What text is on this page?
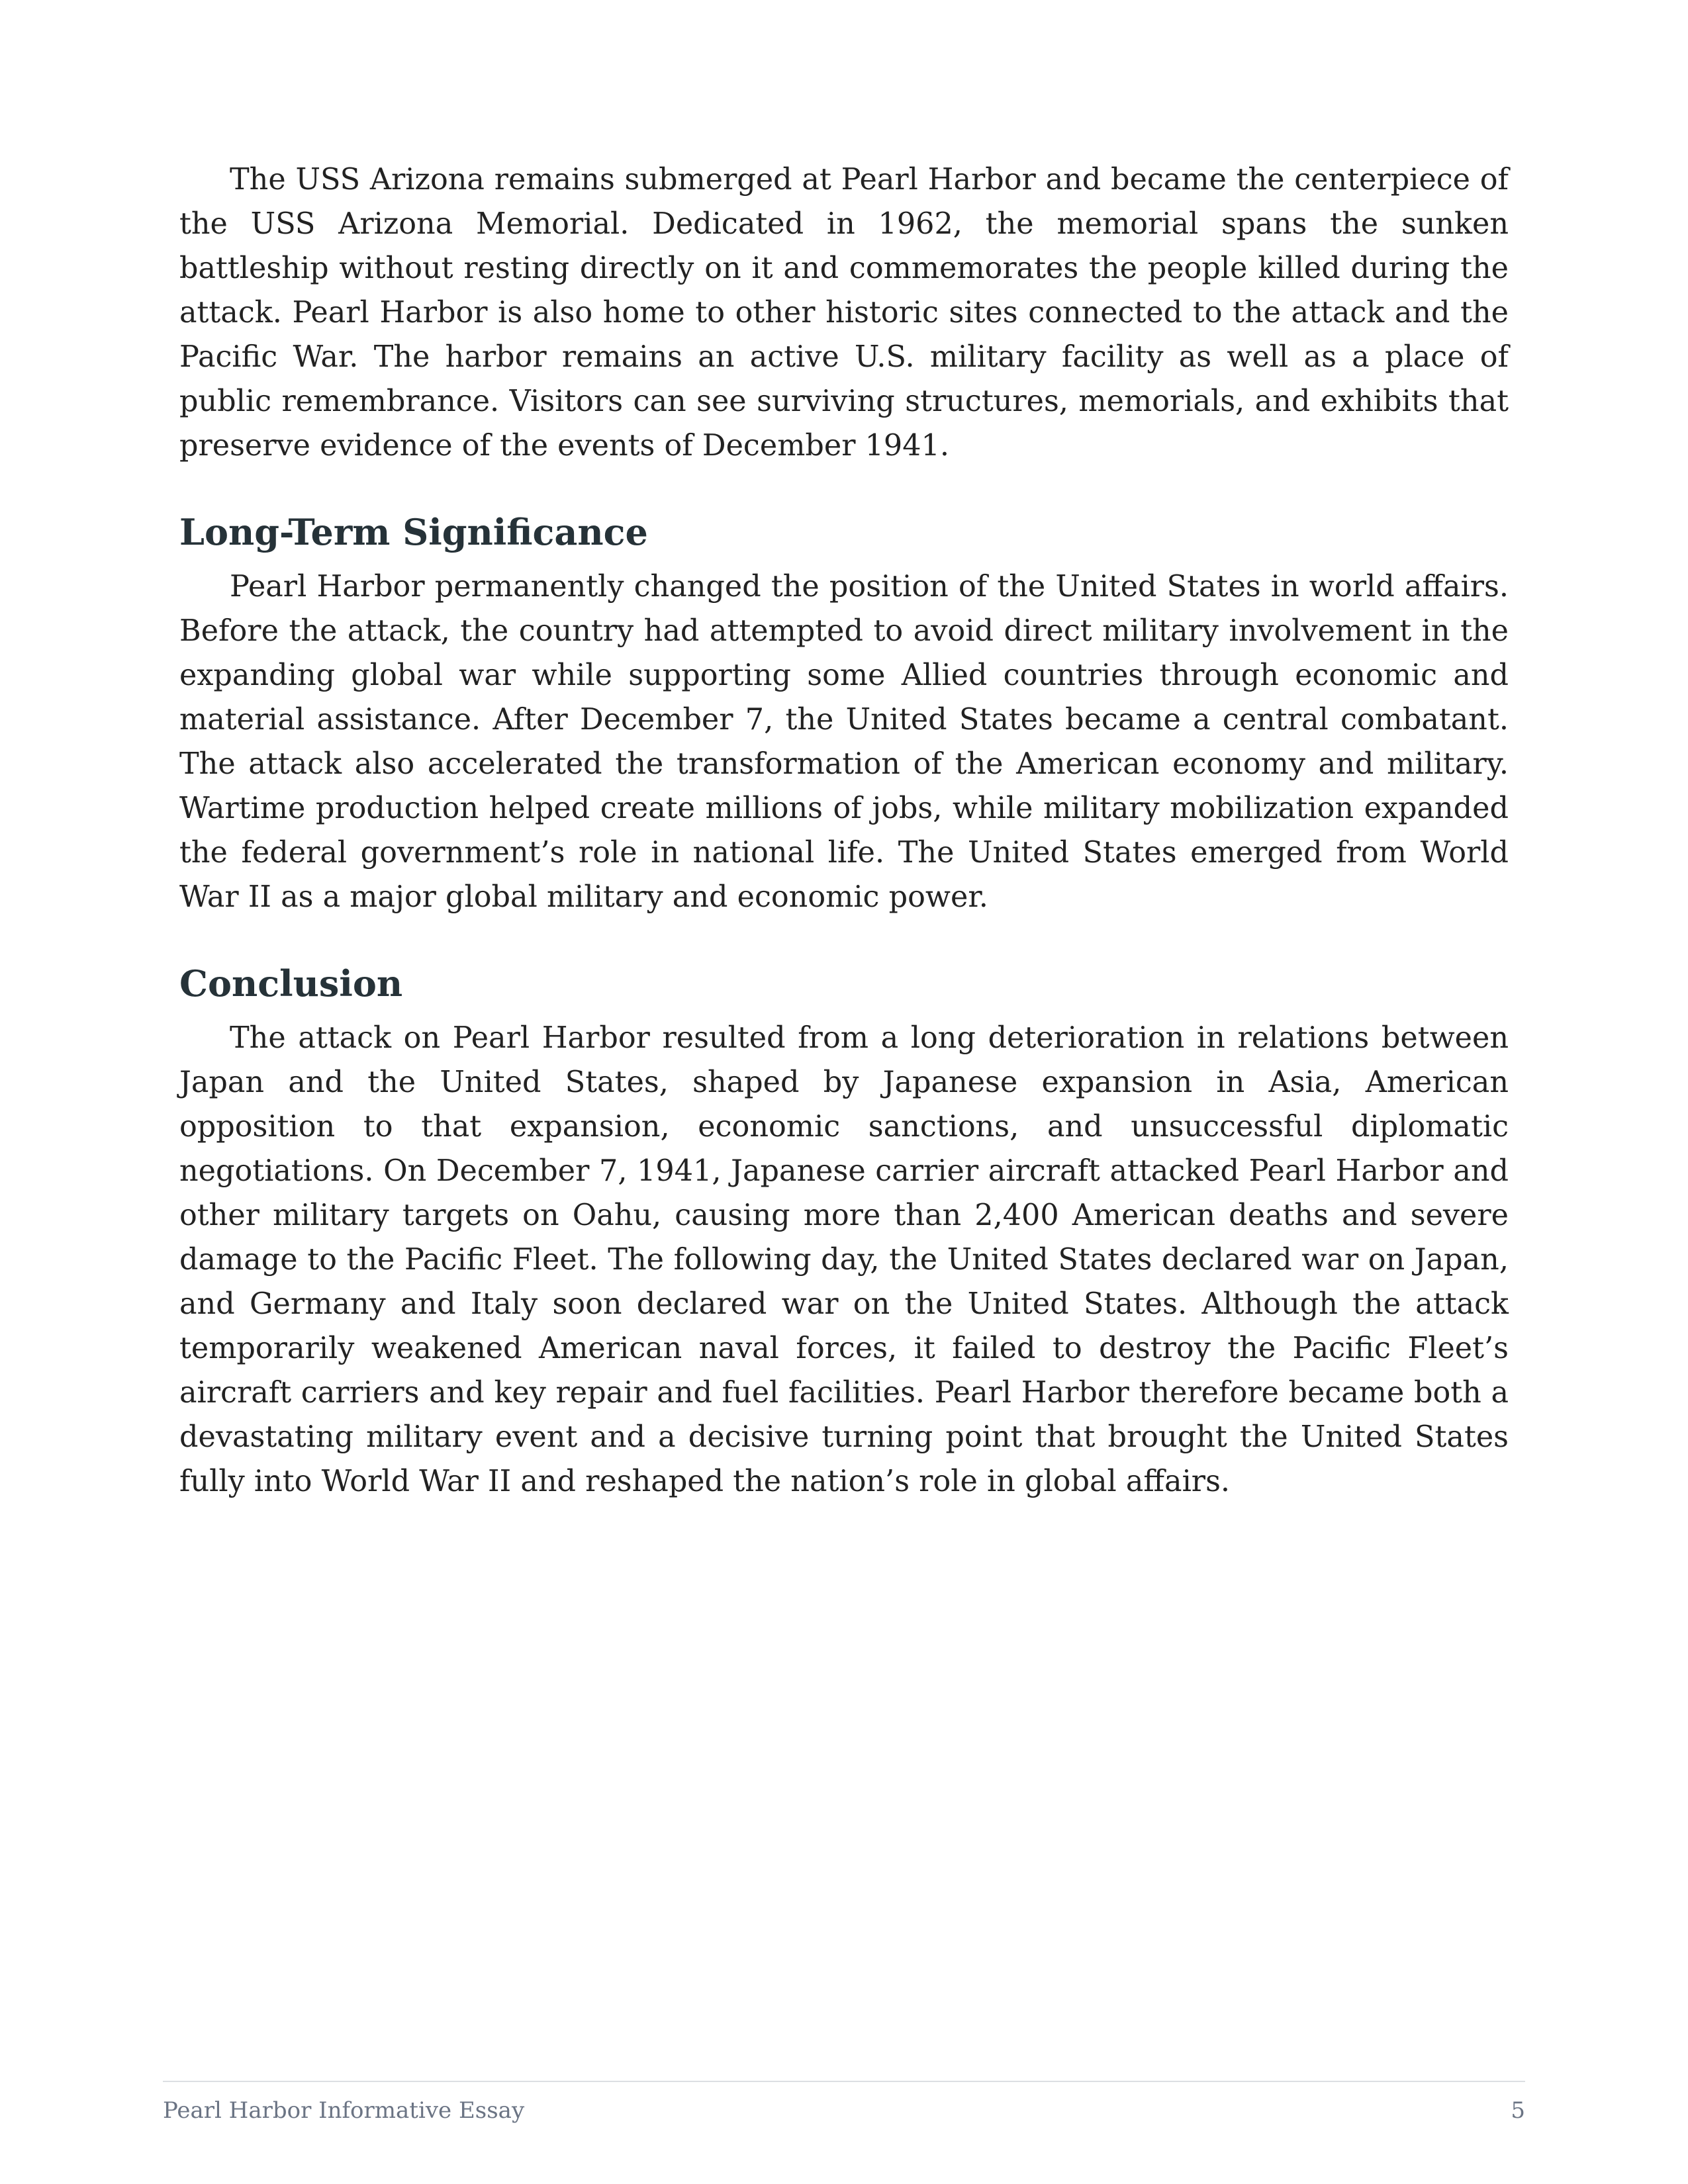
The USS Arizona remains submerged at Pearl Harbor and became the centerpiece of the USS Arizona Memorial. Dedicated in 1962, the memorial spans the sunken battleship without resting directly on it and commemorates the people killed during the attack. Pearl Harbor is also home to other historic sites connected to the attack and the Pacific War. The harbor remains an active U.S. military facility as well as a place of public remembrance. Visitors can see surviving structures, memorials, and exhibits that preserve evidence of the events of December 1941.

Long-Term Significance

Pearl Harbor permanently changed the position of the United States in world affairs. Before the attack, the country had attempted to avoid direct military involvement in the expanding global war while supporting some Allied countries through economic and material assistance. After December 7, the United States became a central combatant. The attack also accelerated the transformation of the American economy and military. Wartime production helped create millions of jobs, while military mobilization expanded the federal government’s role in national life. The United States emerged from World War II as a major global military and economic power.

Conclusion

The attack on Pearl Harbor resulted from a long deterioration in relations between Japan and the United States, shaped by Japanese expansion in Asia, American opposition to that expansion, economic sanctions, and unsuccessful diplomatic negotiations. On December 7, 1941, Japanese carrier aircraft attacked Pearl Harbor and other military targets on Oahu, causing more than 2,400 American deaths and severe damage to the Pacific Fleet. The following day, the United States declared war on Japan, and Germany and Italy soon declared war on the United States. Although the attack temporarily weakened American naval forces, it failed to destroy the Pacific Fleet’s aircraft carriers and key repair and fuel facilities. Pearl Harbor therefore became both a devastating military event and a decisive turning point that brought the United States fully into World War II and reshaped the nation’s role in global affairs.

Pearl Harbor Informative Essay	5
